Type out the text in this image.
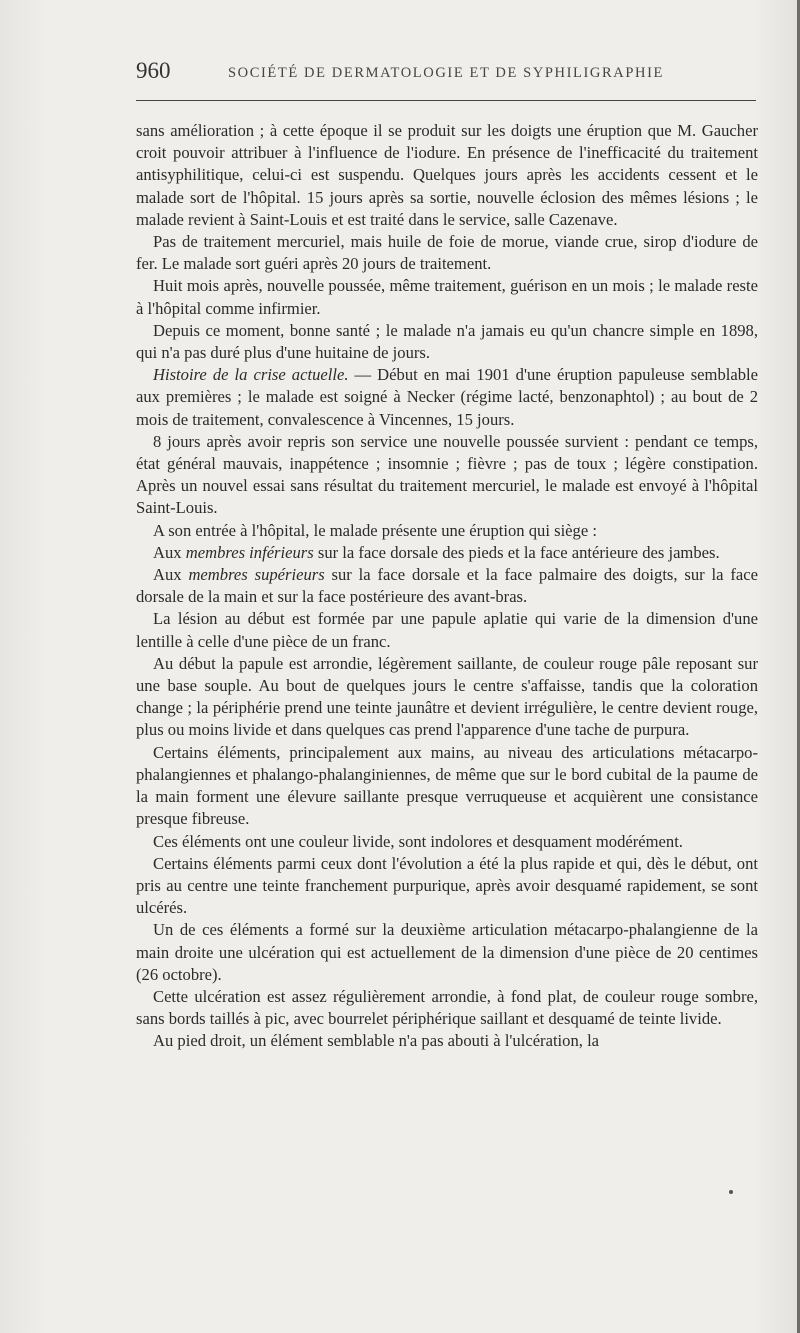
960	SOCIÉTÉ DE DERMATOLOGIE ET DE SYPHILIGRAPHIE

sans amélioration ; à cette époque il se produit sur les doigts une éruption que M. Gaucher croit pouvoir attribuer à l'influence de l'iodure. En présence de l'inefficacité du traitement antisyphilitique, celui-ci est suspendu. Quelques jours après les accidents cessent et le malade sort de l'hôpital. 15 jours après sa sortie, nouvelle éclosion des mêmes lésions ; le malade revient à Saint-Louis et est traité dans le service, salle Cazenave.

Pas de traitement mercuriel, mais huile de foie de morue, viande crue, sirop d'iodure de fer. Le malade sort guéri après 20 jours de traitement.

Huit mois après, nouvelle poussée, même traitement, guérison en un mois ; le malade reste à l'hôpital comme infirmier.

Depuis ce moment, bonne santé ; le malade n'a jamais eu qu'un chancre simple en 1898, qui n'a pas duré plus d'une huitaine de jours.

Histoire de la crise actuelle. — Début en mai 1901 d'une éruption papuleuse semblable aux premières ; le malade est soigné à Necker (régime lacté, benzonaphtol) ; au bout de 2 mois de traitement, convalescence à Vincennes, 15 jours.

8 jours après avoir repris son service une nouvelle poussée survient : pendant ce temps, état général mauvais, inappétence ; insomnie ; fièvre ; pas de toux ; légère constipation. Après un nouvel essai sans résultat du traitement mercuriel, le malade est envoyé à l'hôpital Saint-Louis.

A son entrée à l'hôpital, le malade présente une éruption qui siège :

Aux membres inférieurs sur la face dorsale des pieds et la face antérieure des jambes.

Aux membres supérieurs sur la face dorsale et la face palmaire des doigts, sur la face dorsale de la main et sur la face postérieure des avant-bras.

La lésion au début est formée par une papule aplatie qui varie de la dimension d'une lentille à celle d'une pièce de un franc.

Au début la papule est arrondie, légèrement saillante, de couleur rouge pâle reposant sur une base souple. Au bout de quelques jours le centre s'affaisse, tandis que la coloration change ; la périphérie prend une teinte jaunâtre et devient irrégulière, le centre devient rouge, plus ou moins livide et dans quelques cas prend l'apparence d'une tache de purpura.

Certains éléments, principalement aux mains, au niveau des articulations métacarpo-phalangiennes et phalango-phalanginiennes, de même que sur le bord cubital de la paume de la main forment une élevure saillante presque verruqueuse et acquièrent une consistance presque fibreuse.

Ces éléments ont une couleur livide, sont indolores et desquament modérément.

Certains éléments parmi ceux dont l'évolution a été la plus rapide et qui, dès le début, ont pris au centre une teinte franchement purpurique, après avoir desquamé rapidement, se sont ulcérés.

Un de ces éléments a formé sur la deuxième articulation métacarpo-phalangienne de la main droite une ulcération qui est actuellement de la dimension d'une pièce de 20 centimes (26 octobre).

Cette ulcération est assez régulièrement arrondie, à fond plat, de couleur rouge sombre, sans bords taillés à pic, avec bourrelet périphérique saillant et desquamé de teinte livide.

Au pied droit, un élément semblable n'a pas abouti à l'ulcération, la
